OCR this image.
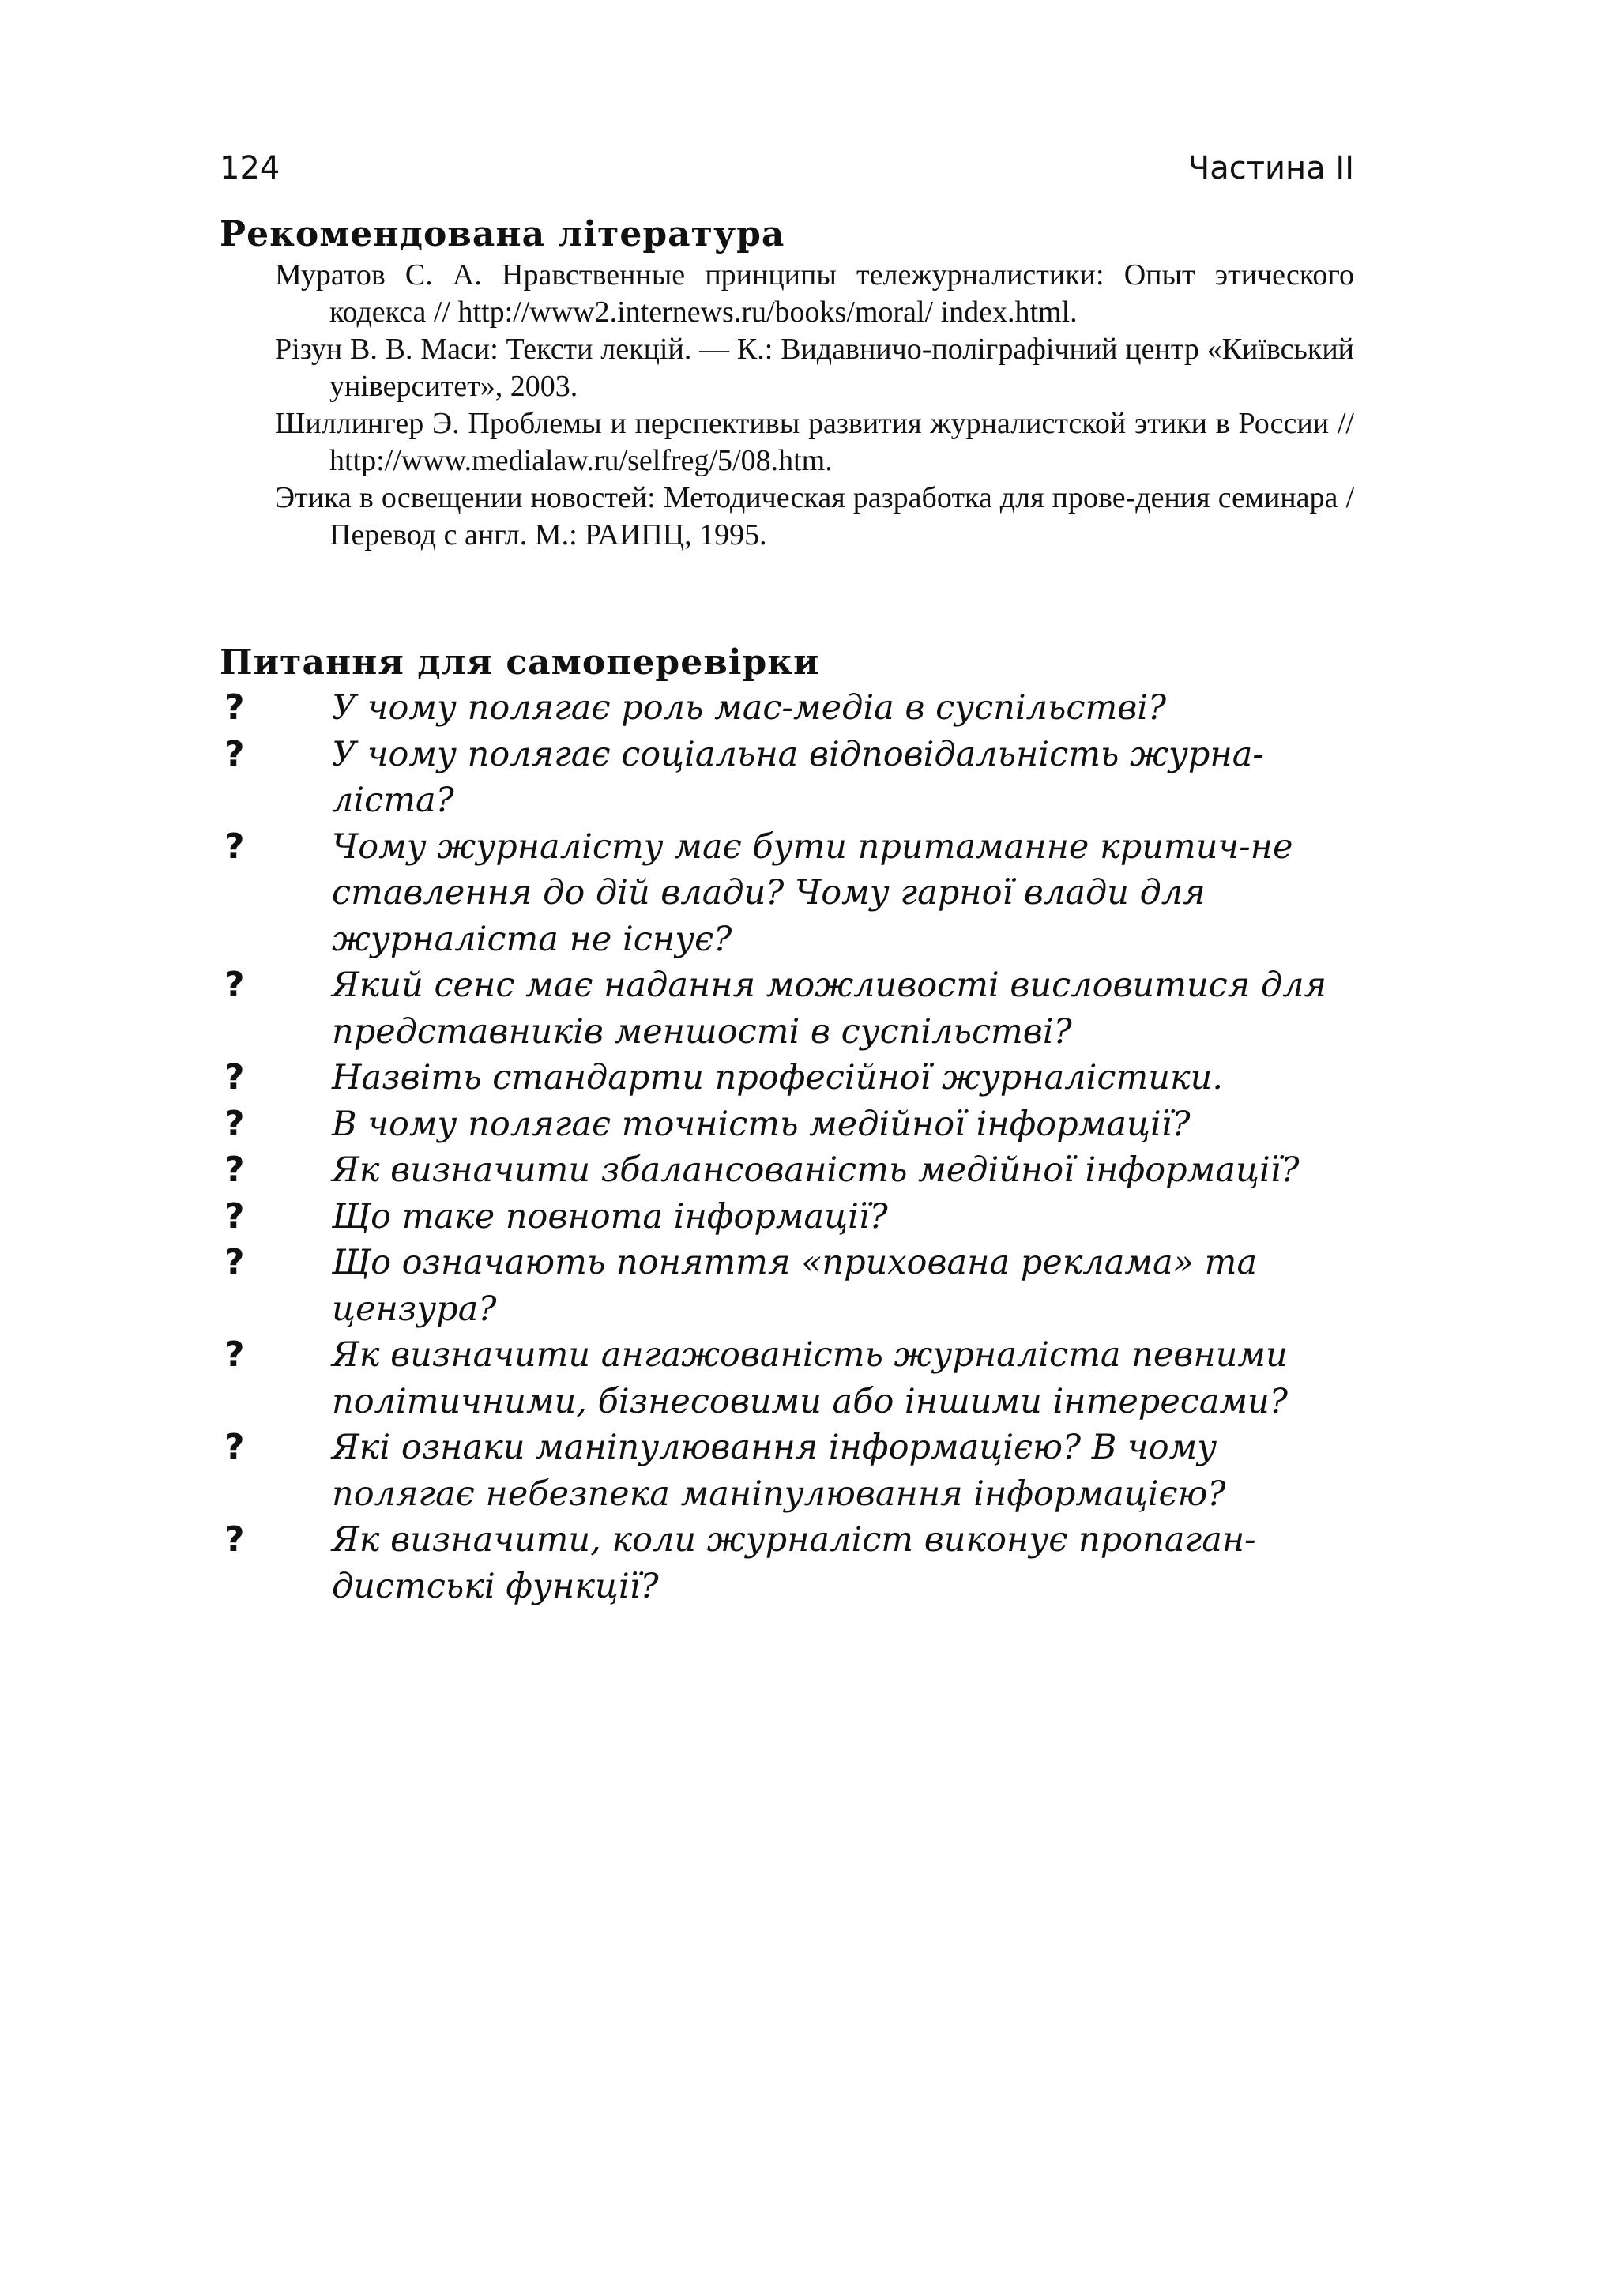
124	Частина II
Рекомендована література
Муратов С. А. Нравственные принципы тележурналистики: Опыт этического кодекса // http://www2.internews.ru/books/moral/ index.html.
Різун В. В. Маси: Тексти лекцій. — К.: Видавничо-поліграфічний центр «Київський університет», 2003.
Шиллингер Э. Проблемы и перспективы развития журналистской этики в России // http://www.medialaw.ru/selfreg/5/08.htm.
Этика в освещении новостей: Методическая разработка для прове-дения семинара / Перевод с англ. М.: РАИПЦ, 1995.
Питання для самоперевірки
?	У чому полягає роль мас-медіа в суспільстві?
?	У чому полягає соціальна відповідальність журна-ліста?
?	Чому журналісту має бути притаманне критич-не ставлення до дій влади? Чому гарної влади для журналіста не існує?
?	Який сенс має надання можливості висловитися для представників меншості в суспільстві?
?	Назвіть стандарти професійної журналістики.
?	В чому полягає точність медійної інформації?
?	Як визначити збалансованість медійної інформації?
?	Що таке повнота інформації?
?	Що означають поняття «прихована реклама» та цензура?
?	Як визначити ангажованість журналіста певними політичними, бізнесовими або іншими інтересами?
?	Які ознаки маніпулювання інформацією? В чому полягає небезпека маніпулювання інформацією?
?	Як визначити, коли журналіст виконує пропаган-дистські функції?
